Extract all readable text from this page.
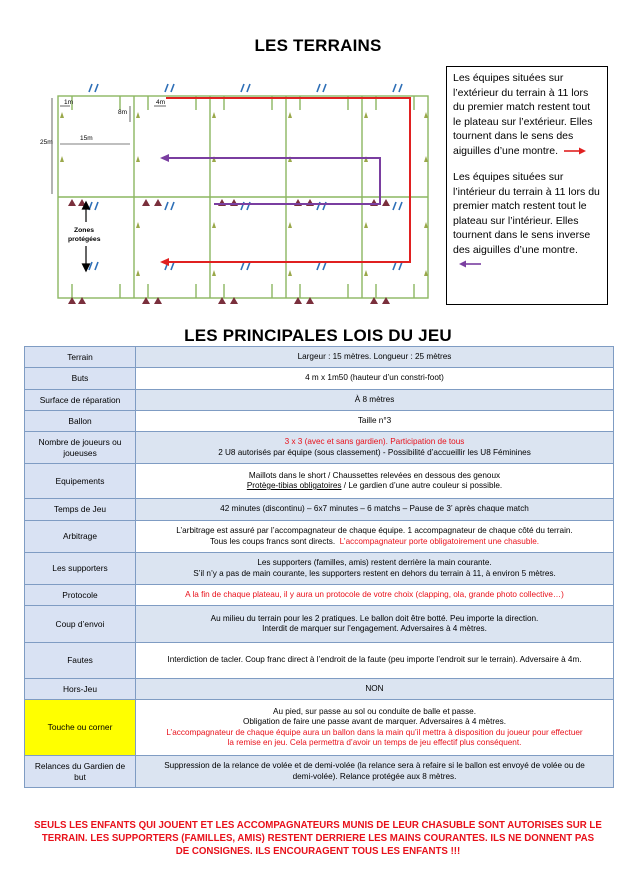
LES TERRAINS
1m	4m
8m
25m
15m
Zones
protégées

Les équipes situées sur l’extérieur du terrain à 11 lors du premier match restent tout le plateau sur l’extérieur. Elles tournent dans le sens des aiguilles d’une montre.

Les équipes situées sur l’intérieur du terrain à 11 lors du premier match restent tout le plateau sur l’intérieur. Elles tournent dans le sens inverse des aiguilles d’une montre.

LES PRINCIPALES LOIS DU JEU
Terrain	Largeur : 15 mètres. Longueur : 25 mètres
Buts	4 m x 1m50 (hauteur d’un constri-foot)
Surface de réparation	À 8 mètres
Ballon	Taille n°3
Nombre de joueurs ou joueuses	3 x 3 (avec et sans gardien). Participation de tous
2 U8 autorisés par équipe (sous classement) - Possibilité d’accueillir les U8 Féminines

Equipements	Maillots dans le short / Chaussettes relevées en dessous des genoux
Protège-tibias obligatoires / Le gardien d’une autre couleur si possible.

Temps de Jeu	42 minutes (discontinu) – 6x7 minutes – 6 matchs – Pause de 3’ après chaque match
Arbitrage	L’arbitrage est assuré par l’accompagnateur de chaque équipe. 1 accompagnateur de chaque côté du terrain.
Tous les coups francs sont directs. L’accompagnateur porte obligatoirement une chasuble.

Les supporters	Les supporters (familles, amis) restent derrière la main courante.
S’il n’y a pas de main courante, les supporters restent en dehors du terrain à 11, à environ 5 mètres.

Protocole	A la fin de chaque plateau, il y aura un protocole de votre choix (clapping, ola, grande photo collective…)
Coup d’envoi	Au milieu du terrain pour les 2 pratiques. Le ballon doit être botté. Peu importe la direction.
Interdit de marquer sur l’engagement. Adversaires à 4 mètres.

Fautes	Interdiction de tacler. Coup franc direct à l’endroit de la faute (peu importe l’endroit sur le terrain). Adversaire à 4m.
Hors-Jeu	NON
Touche ou corner	Au pied, sur passe au sol ou conduite de balle et passe.
Obligation de faire une passe avant de marquer. Adversaires à 4 mètres.
L’accompagnateur de chaque équipe aura un ballon dans la main qu’il mettra à disposition du joueur pour effectuer
la remise en jeu. Cela permettra d’avoir un temps de jeu effectif plus conséquent.

Relances du Gardien de but	Suppression de la relance de volée et de demi-volée (la relance sera à refaire si le ballon est envoyé de volée ou de
demi-volée). Relance protégée aux 8 mètres.
SEULS LES ENFANTS QUI JOUENT ET LES ACCOMPAGNATEURS MUNIS DE LEUR CHASUBLE SONT AUTORISES SUR LE
TERRAIN. LES SUPPORTERS (FAMILLES, AMIS) RESTENT DERRIERE LES MAINS COURANTES. ILS NE DONNENT PAS
DE CONSIGNES. ILS ENCOURAGENT TOUS LES ENFANTS !!!
